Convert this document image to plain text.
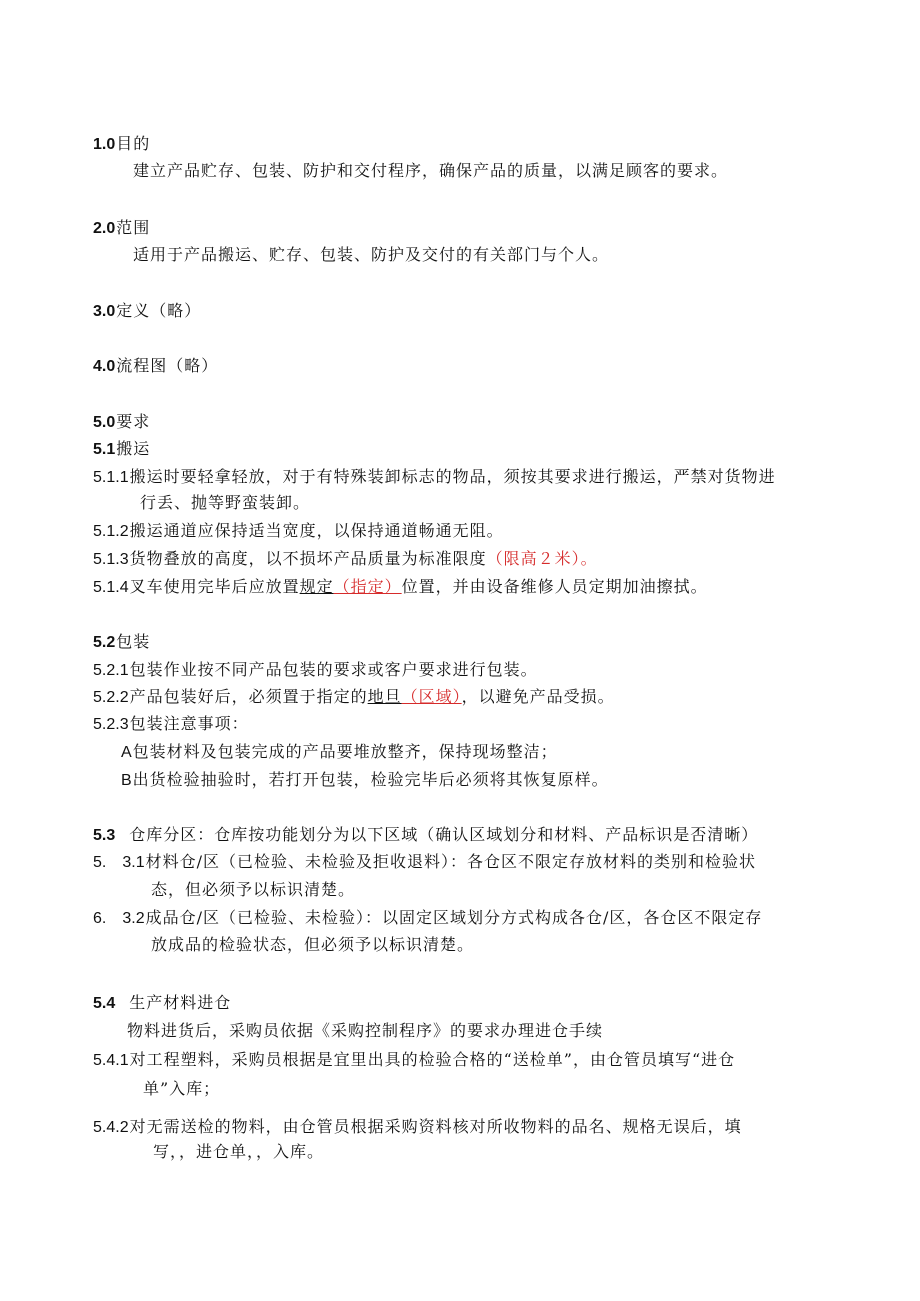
1.0目的
建立产品贮存、包装、防护和交付程序，确保产品的质量，以满足顾客的要求。
2.0范围
适用于产品搬运、贮存、包装、防护及交付的有关部门与个人。
3.0定义（略）
4.0流程图（略）
5.0要求
5.1搬运
5.1.1搬运时要轻拿轻放，对于有特殊装卸标志的物品，须按其要求进行搬运，严禁对货物进
行丢、抛等野蛮装卸。
5.1.2搬运通道应保持适当宽度，以保持通道畅通无阻。
5.1.3货物叠放的高度，以不损坏产品质量为标准限度（限高２米）。
5.1.4叉车使用完毕后应放置规定（指定）位置，并由设备维修人员定期加油擦拭。
5.2包装
5.2.1包装作业按不同产品包装的要求或客户要求进行包装。
5.2.2产品包装好后，必须置于指定的地旦（区域），以避免产品受损。
5.2.3包装注意事项：
A包装材料及包装完成的产品要堆放整齐，保持现场整洁；
B出货检验抽验时，若打开包装，检验完毕后必须将其恢复原样。
5.3 仓库分区：仓库按功能划分为以下区域（确认区域划分和材料、产品标识是否清晰）
5.　3.1材料仓/区（已检验、未检验及拒收退料）：各仓区不限定存放材料的类别和检验状
态，但必须予以标识清楚。
6.　3.2成品仓/区（已检验、未检验）：以固定区域划分方式构成各仓/区，各仓区不限定存
放成品的检验状态，但必须予以标识清楚。
5.4 生产材料进仓
物料进货后，采购员依据《采购控制程序》的要求办理进仓手续
5.4.1对工程塑料，采购员根据是宜里出具的检验合格的“送检单”，由仓管员填写“进仓
单”入库；
5.4.2对无需送检的物料，由仓管员根据采购资料核对所收物料的品名、规格无误后，填
写，，进仓单，，入库。
